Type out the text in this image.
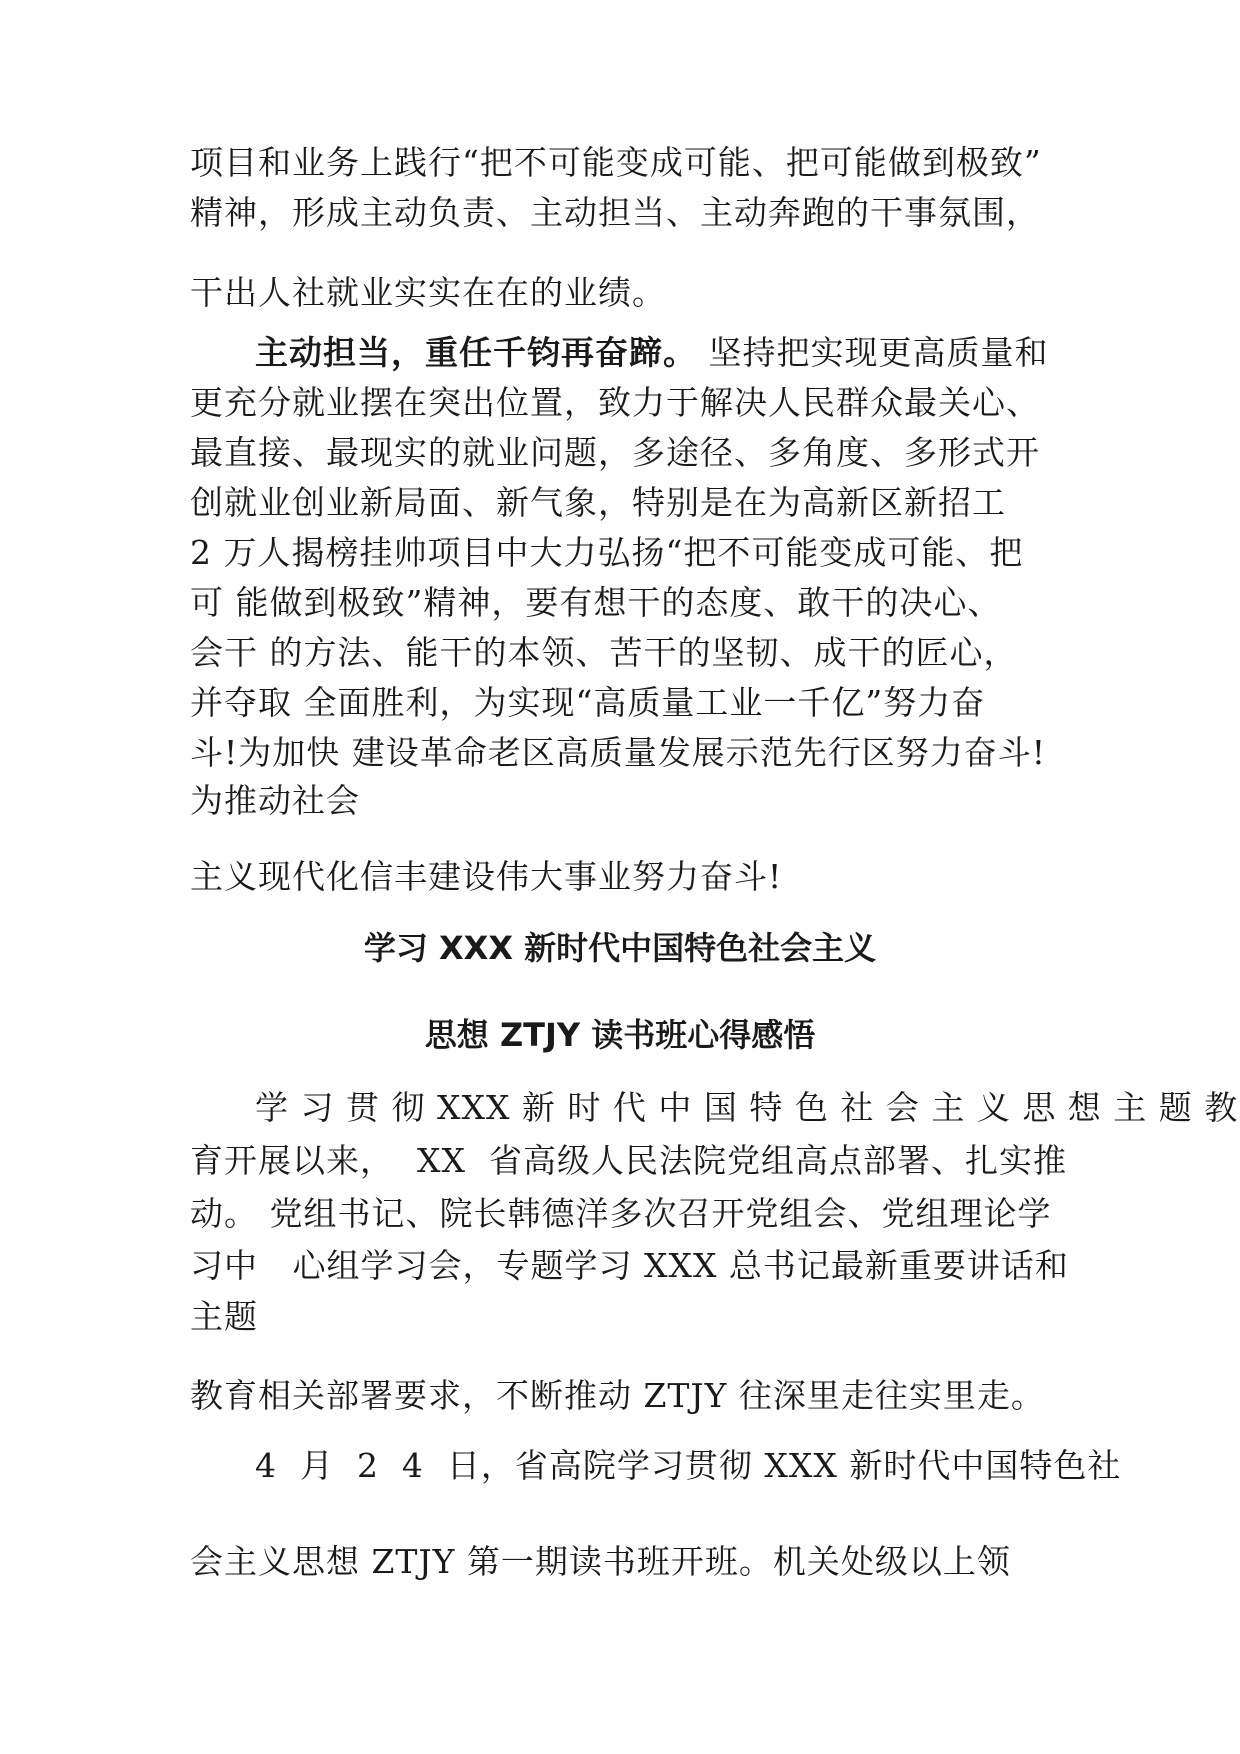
项目和业务上践行“把不可能变成可能、把可能做到极致”
精神，形成主动负责、主动担当、主动奔跑的干事氛围，
干出人社就业实实在在的业绩。
主动担当，重任千钧再奋蹄。 坚持把实现更高质量和
更充分就业摆在突出位置，致力于解决人民群众最关心、
最直接、最现实的就业问题，多途径、多角度、多形式开
创就业创业新局面、新气象，特别是在为高新区新招工
2 万人揭榜挂帅项目中大力弘扬“把不可能变成可能、把
可 能做到极致”精神，要有想干的态度、敢干的决心、
会干 的方法、能干的本领、苦干的坚韧、成干的匠心，
并夺取 全面胜利，为实现“高质量工业一千亿”努力奋
斗!为加快 建设革命老区高质量发展示范先行区努力奋斗!
为推动社会
主义现代化信丰建设伟大事业努力奋斗!
学习 XXX 新时代中国特色社会主义
思想 ZTJY 读书班心得感悟
学 习 贯 彻 XXX 新 时 代 中 国 特 色 社 会 主 义 思 想 主 题 教
育开展以来，  XX  省高级人民法院党组高点部署、扎实推
动。 党组书记、院长韩德洋多次召开党组会、党组理论学
习中   心组学习会，专题学习 XXX 总书记最新重要讲话和
主题
教育相关部署要求，不断推动 ZTJY 往深里走往实里走。
4  月  2  4  日，省高院学习贯彻 XXX 新时代中国特色社
会主义思想 ZTJY 第一期读书班开班。机关处级以上领
